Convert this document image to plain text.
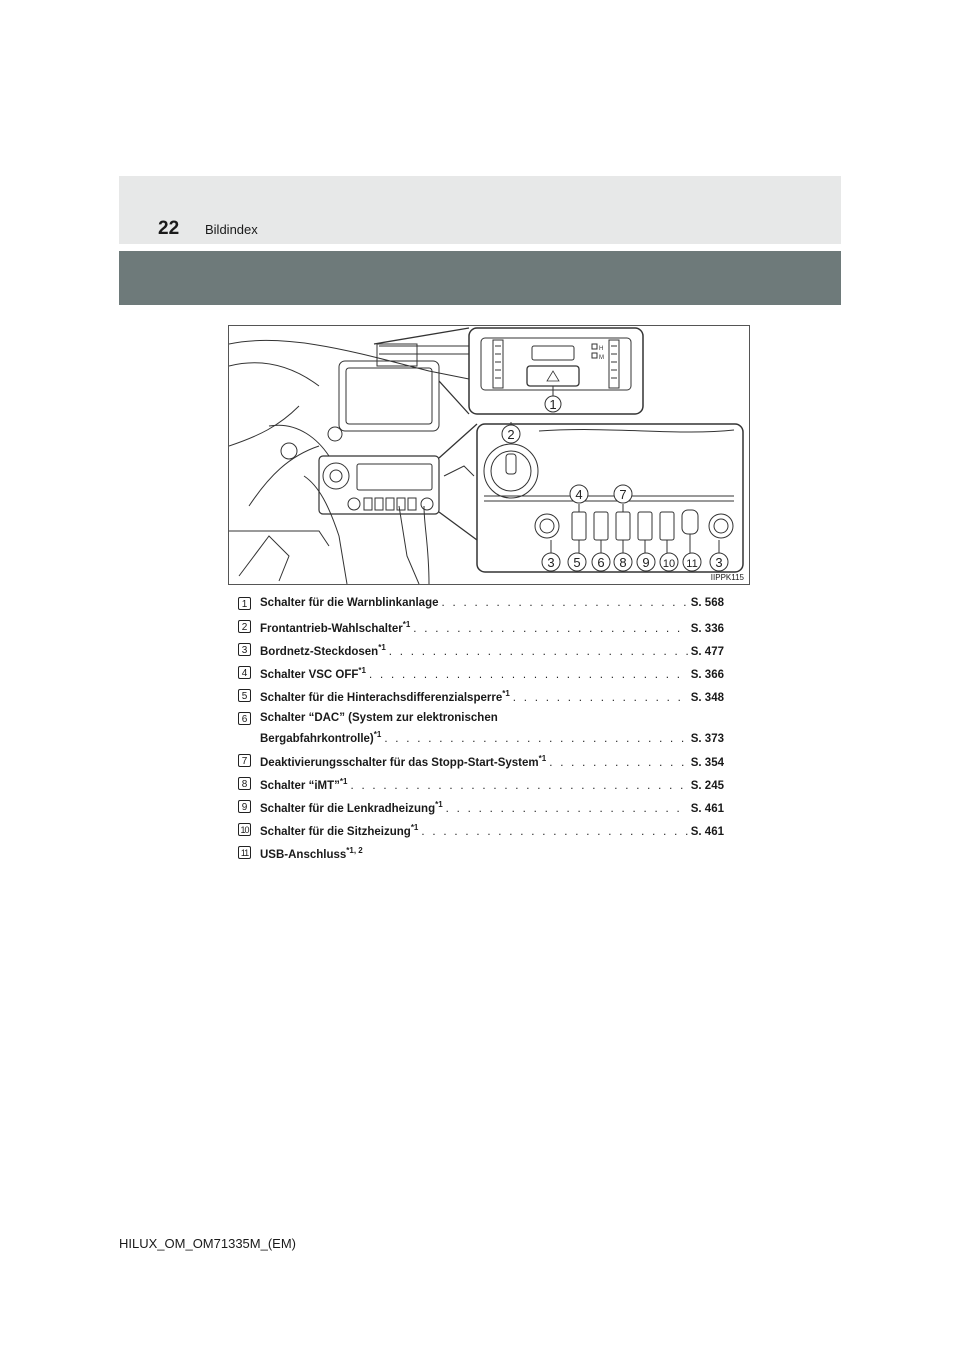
22 Bildindex
H
M
1
2
4	7
3 5 6 8 9 10 11 3
IIPPK115
1	Schalter für die Warnblinkanlage . . .	S. 568
2	Frontantrieb-Wahlschalter$^{*1}$ . . .	S. 336
3	Bordnetz-Steckdosen$^{*1}$ . . .	S. 477
4	Schalter VSC OFF$^{*1}$ . . .	S. 366
5	Schalter für die Hinterachsdifferenzialsperre$^{*1}$ . . .	S. 348
6	Schalter “DAC” (System zur elektronischen
Bergabfahrkontrolle)$^{*1}$ . . .	S. 373
7	Deaktivierungsschalter für das Stopp-Start-System$^{*1}$ . . .	S. 354
8	Schalter “iMT”$^{*1}$ . . .	S. 245
9	Schalter für die Lenkradheizung$^{*1}$ . . .	S. 461
10 Schalter für die Sitzheizung$^{*1}$ . . .	S. 461
11 USB-Anschluss$^{*1, 2}$
HILUX_OM_OM71335M_(EM)
